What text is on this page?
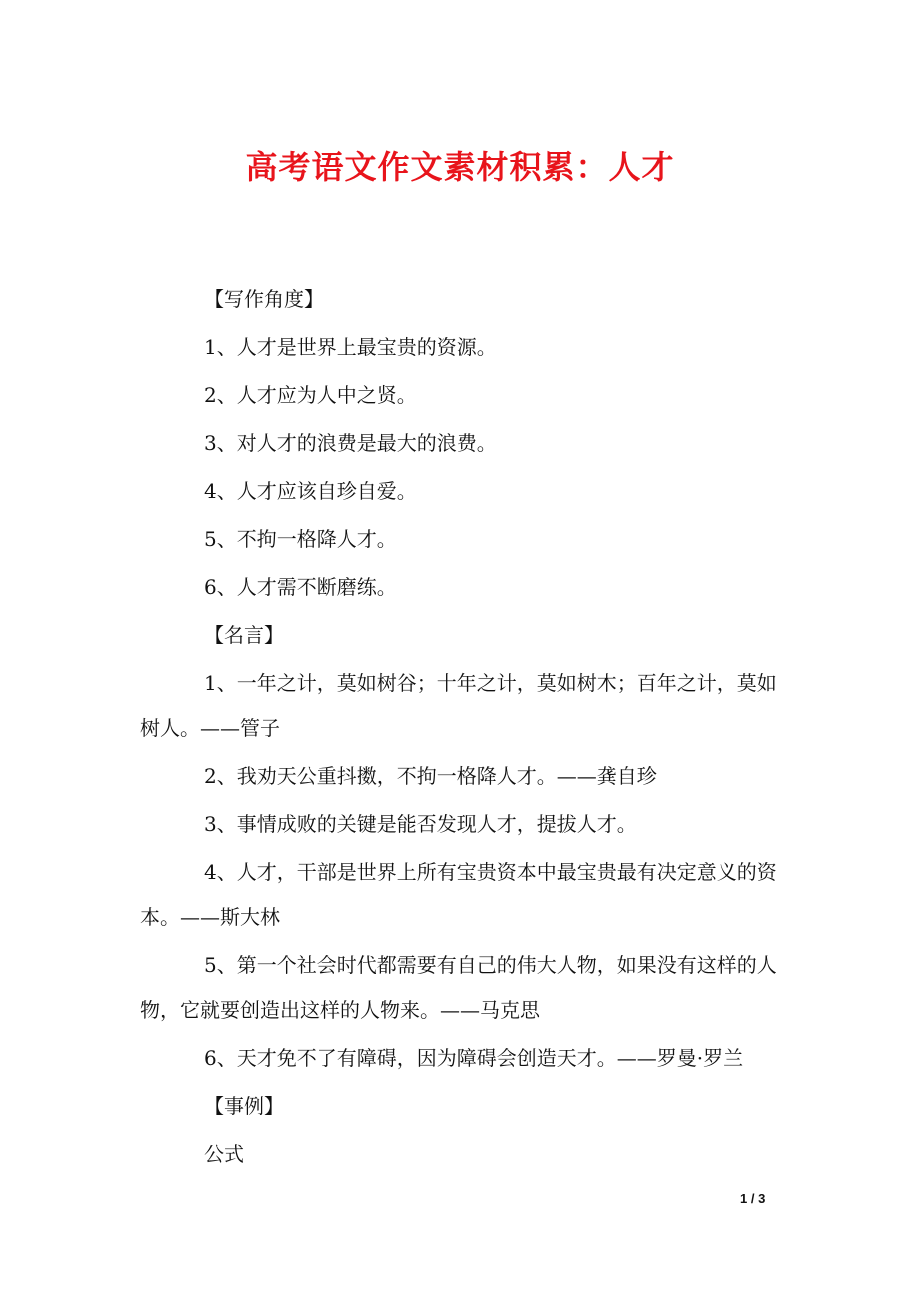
高考语文作文素材积累：人才

【写作角度】

1、人才是世界上最宝贵的资源。

2、人才应为人中之贤。

3、对人才的浪费是最大的浪费。

4、人才应该自珍自爱。

5、不拘一格降人才。

6、人才需不断磨练。

【名言】

1、一年之计，莫如树谷；十年之计，莫如树木；百年之计，莫如树人。——管子

2、我劝天公重抖擞，不拘一格降人才。——龚自珍

3、事情成败的关键是能否发现人才，提拔人才。

4、人才，干部是世界上所有宝贵资本中最宝贵最有决定意义的资本。——斯大林

5、第一个社会时代都需要有自己的伟大人物，如果没有这样的人物，它就要创造出这样的人物来。——马克思

6、天才免不了有障碍，因为障碍会创造天才。——罗曼·罗兰

【事例】

公式

1 / 3
